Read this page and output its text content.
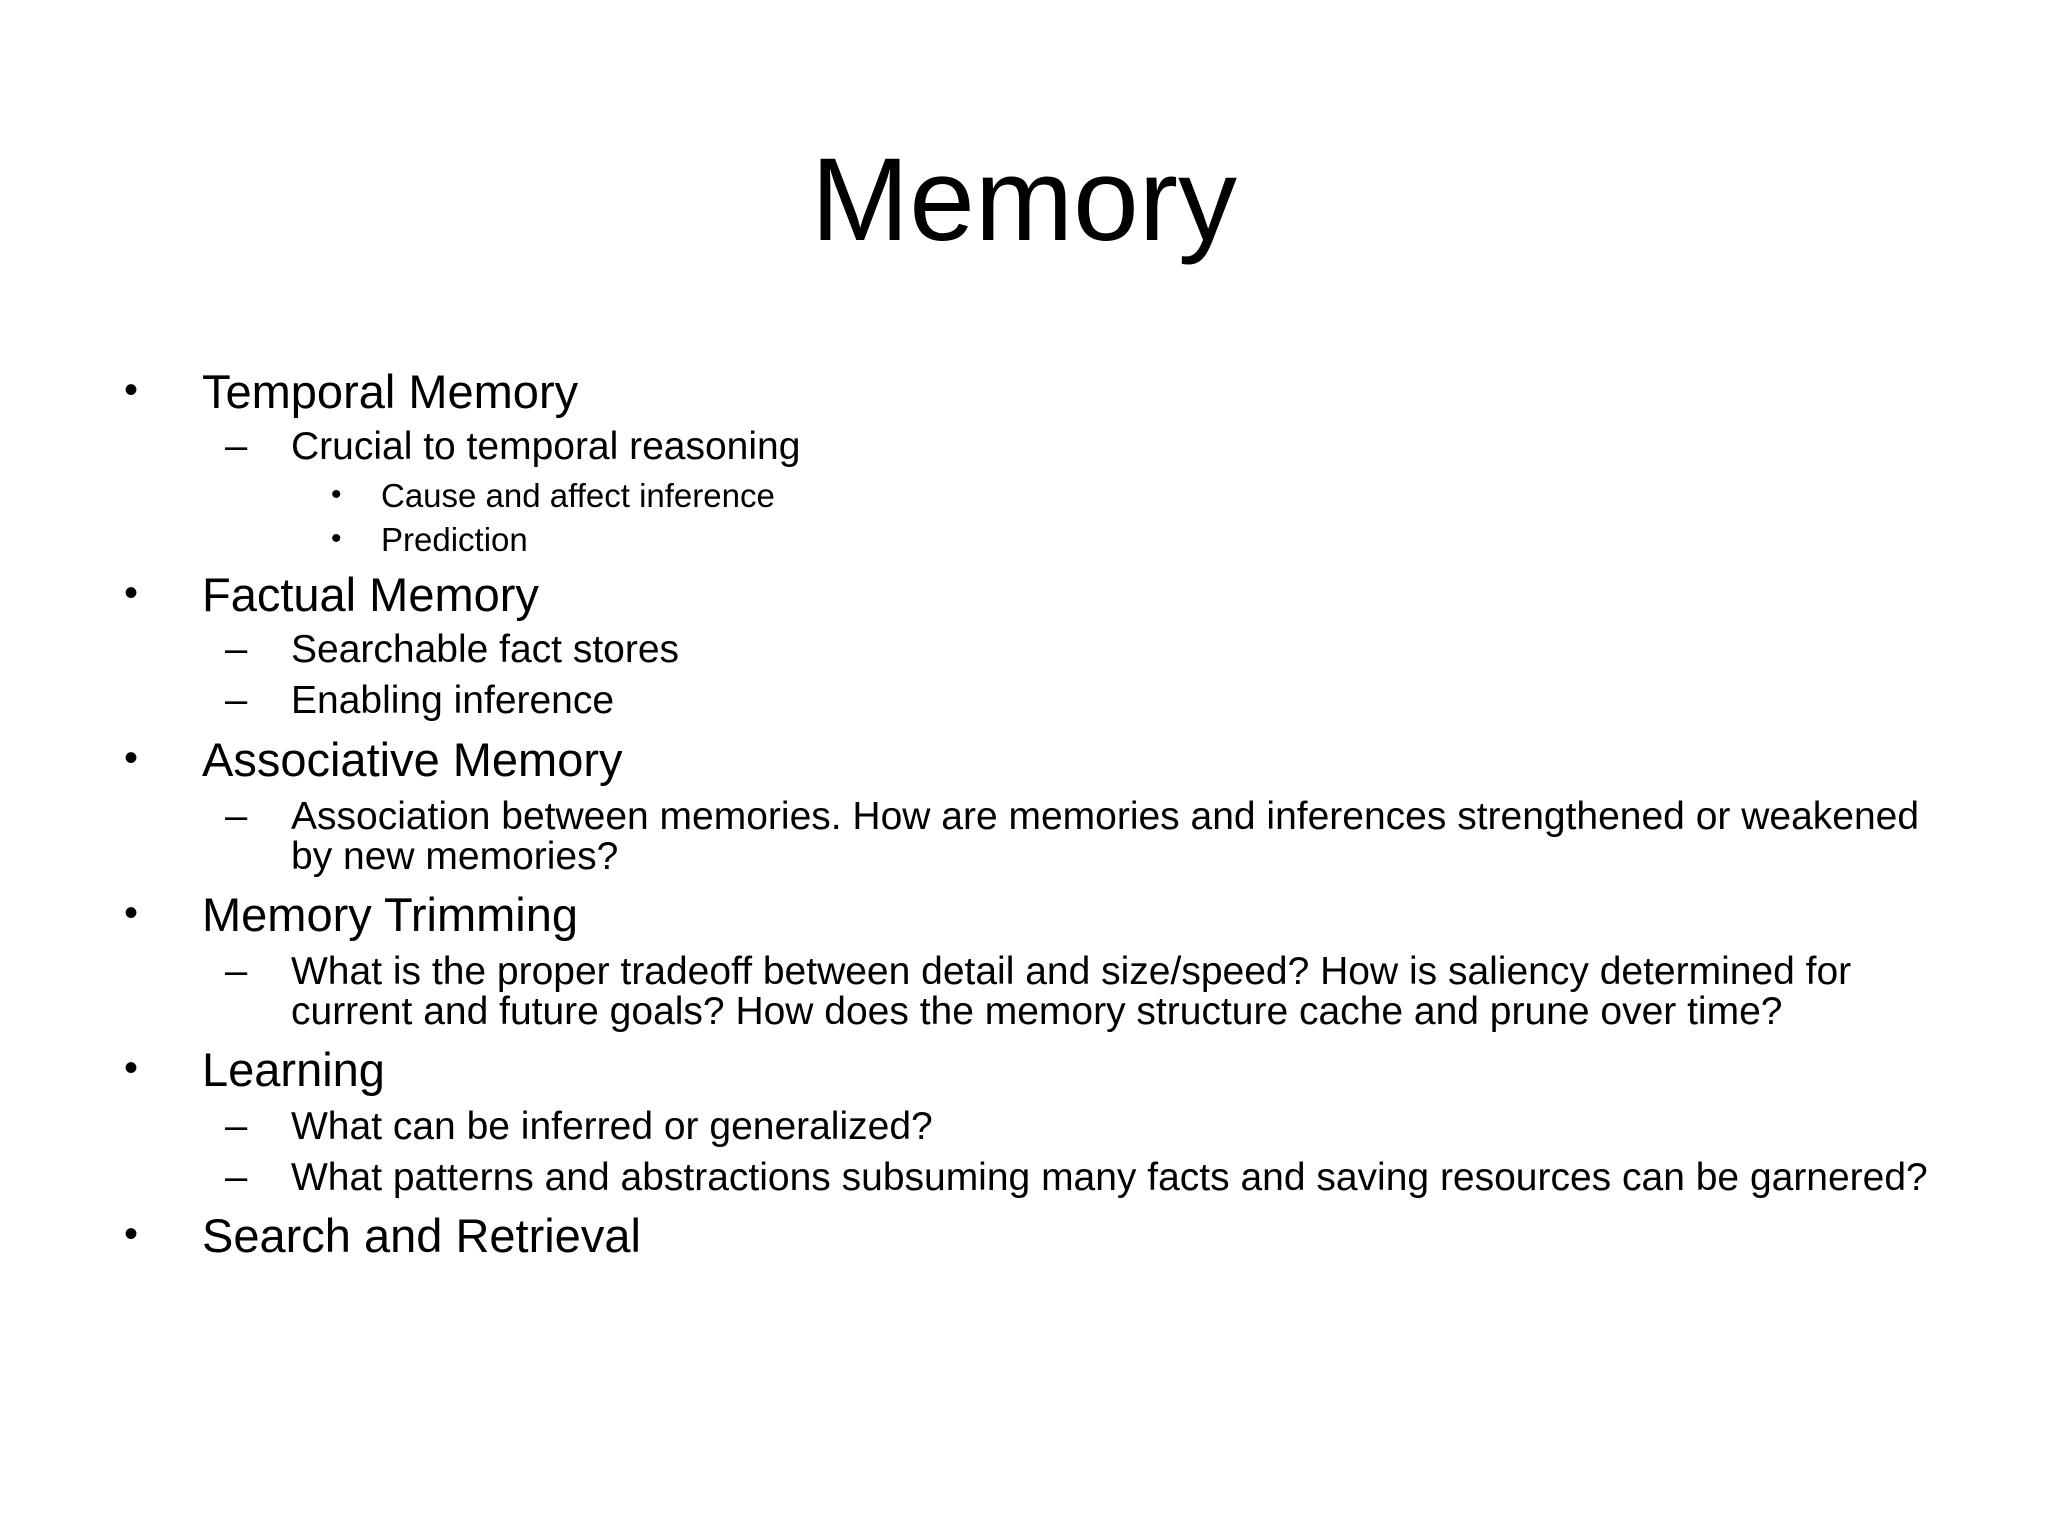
Memory
• Temporal Memory
– Crucial to temporal reasoning
• Cause and affect inference
• Prediction
• Factual Memory
– Searchable fact stores
– Enabling inference
• Associative Memory
– Association between memories. How are memories and inferences strengthened or weakened
by new memories?
• Memory Trimming
– What is the proper tradeoff between detail and size/speed? How is saliency determined for
current and future goals? How does the memory structure cache and prune over time?
• Learning
– What can be inferred or generalized?
– What patterns and abstractions subsuming many facts and saving resources can be garnered?
• Search and Retrieval
